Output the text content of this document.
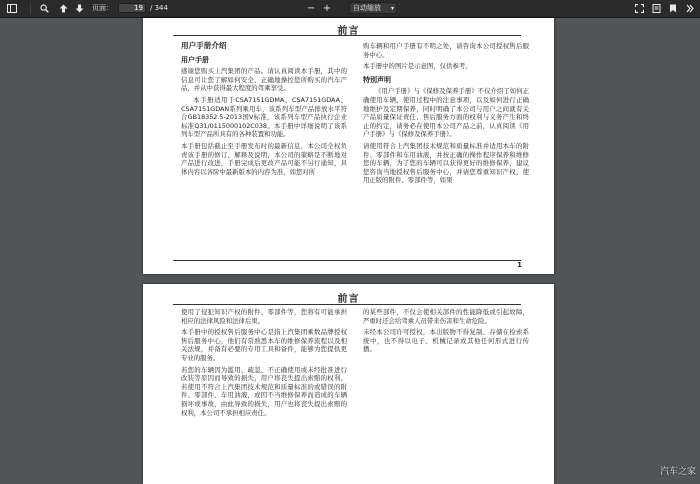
页面：	19	/ 344	− +	自动缩放 ▾
前言
用户手册介绍
用户手册

感谢您购买上汽集团的产品。请认真阅读本手册，其中的信息可让您了解如何安全、正确地操控您所购买的汽车产品，并从中获得最大程度的驾乘享受。

本手册适用于CSA7151GDMA、CSA7151GDAA、CSA7151GDAN系列乘用车，该系列车型产品排放水平符合GB18352.5-2013国V标准，该系列车型产品执行企业标准Q31/0115000102C038。本手册中详细说明了该系列车型产品所具有的各种装置和功能。

本手册包括截止至手册发布时的最新信息，本公司全权负责该手册的修订、解释及说明，本公司的策略是不断地对产品进行改进，手册完成后更改产品可能不另行通知，具体内容以各阶中最新版本的内容为准，如您对所

购车辆和用户手册有不明之处，请咨询本公司授权售后服务中心。

本手册中的图片是示意图，仅供参考。

特别声明

《用户手册》与《保修及保养手册》不仅介绍了如何正确使用车辆、使用过程中的注意事项，以及如何进行正确地维护及定期保养，同时明确了本公司与用户之间就有关产品质量保证责任、售后服务方面的权利与义务产生和终止的约定，请务必在使用本公司产品之前，认真阅读《用户手册》与《保修及保养手册》。

请使用符合上汽集团技术规范和质量标准并适用本车的附件、零部件和车用油液，并按正确的操作程序保养和维修您的车辆，为了您的车辆可以获得更好的维修保养，建议您咨询当地授权售后服务中心，并请您尊重知识产权，使用正版的附件、零部件等，如果

1
前言

使用了侵犯知识产权的附件、零部件等，您将有可能承担相应的法律风险和法律后果。

本手册中的授权售后服务中心是指上汽集团乘数品牌授权售后服务中心，他们有常熟悉本车的维修保养流程以及相关法规，并备有必要的专用工具和备件，能够为您提供更专业的服务。

若您的车辆因为滥用、疏忽、不正确使用或未经批准进行改装等原因而导致的损失，用户将丧失提出索赔的权利。若使用不符合上汽集团技术规范和质量标准的或错误的附件、零部件、车用油液，或因不当维修保养而造成的车辆损坏或事故，由此导致的损失，用户也将丧失提出索赔的权利，本公司不承担相应责任。

的某些部件，不仅会使相关部件的性能降低或引起故障，严重时还会给驾乘人员带来伤害和生命危险。

未经本公司许可授权，本出版物不得复制、存储在检索系统中，也不得以电子、机械记录或其他任何形式进行传播。

汽车之家
